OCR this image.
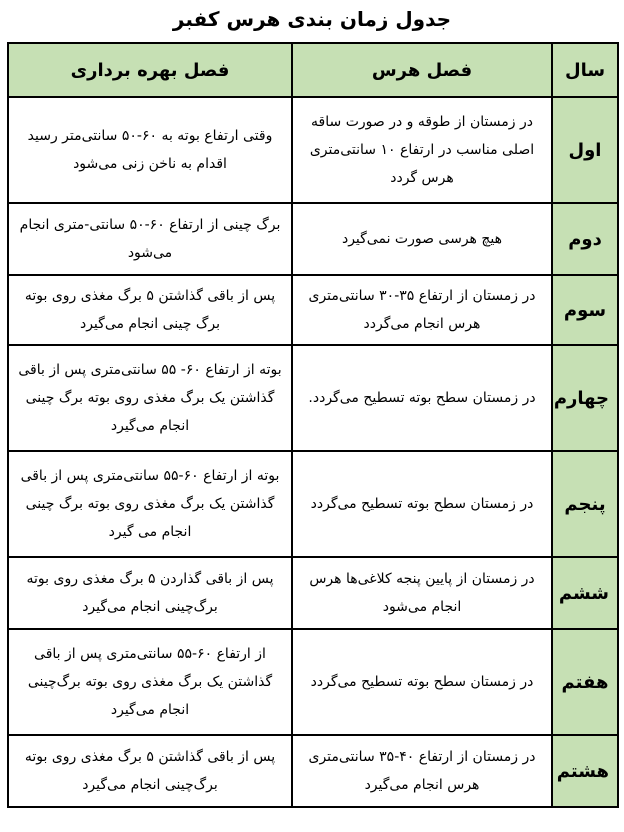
جدول زمان بندی هرس کفبر
سال	فصل هرس	فصل بهره برداری
اول	در زمستان از طوقه و در صورت ساقه اصلی مناسب در ارتفاع ۱۰ سانتی‌متری هرس گردد	وقتی ارتفاع بوته به ۶۰-۵۰ سانتی‌متر رسید اقدام به ناخن زنی می‌شود
دوم	هیچ هرسی صورت نمی‌گیرد	برگ چینی از ارتفاع ۶۰-۵۰ سانتی-متری انجام می‌شود
سوم	در زمستان از ارتفاع ۳۵-۳۰ سانتی‌متری هرس انجام می‌گردد	پس از باقی گذاشتن ۵ برگ مغذی روی بوته برگ چینی انجام می‌گیرد
چهارم	در زمستان سطح بوته تسطیح می‌گردد.	بوته از ارتفاع ۶۰- ۵۵ سانتی‌متری پس از باقی گذاشتن یک برگ مغذی روی بوته برگ چینی انجام می‌گیرد
پنجم	در زمستان سطح بوته تسطیح می‌گردد	بوته از ارتفاع ۶۰-۵۵ سانتی‌متری پس از باقی گذاشتن یک برگ مغذی روی بوته برگ چینی انجام می گیرد
ششم	در زمستان از پایین پنجه کلاغی‌ها هرس انجام می‌شود	پس از باقی گذاردن ۵ برگ مغذی روی بوته برگ‌چینی انجام می‌گیرد
هفتم	در زمستان سطح بوته تسطیح می‌گردد	از ارتفاع ۶۰-۵۵ سانتی‌متری پس از باقی گذاشتن یک برگ مغذی روی بوته برگ‌چینی انجام می‌گیرد
هشتم	در زمستان از ارتفاع ۴۰-۳۵ سانتی‌متری هرس انجام می‌گیرد	پس از باقی گذاشتن ۵ برگ مغذی روی بوته برگ‌چینی انجام می‌گیرد
